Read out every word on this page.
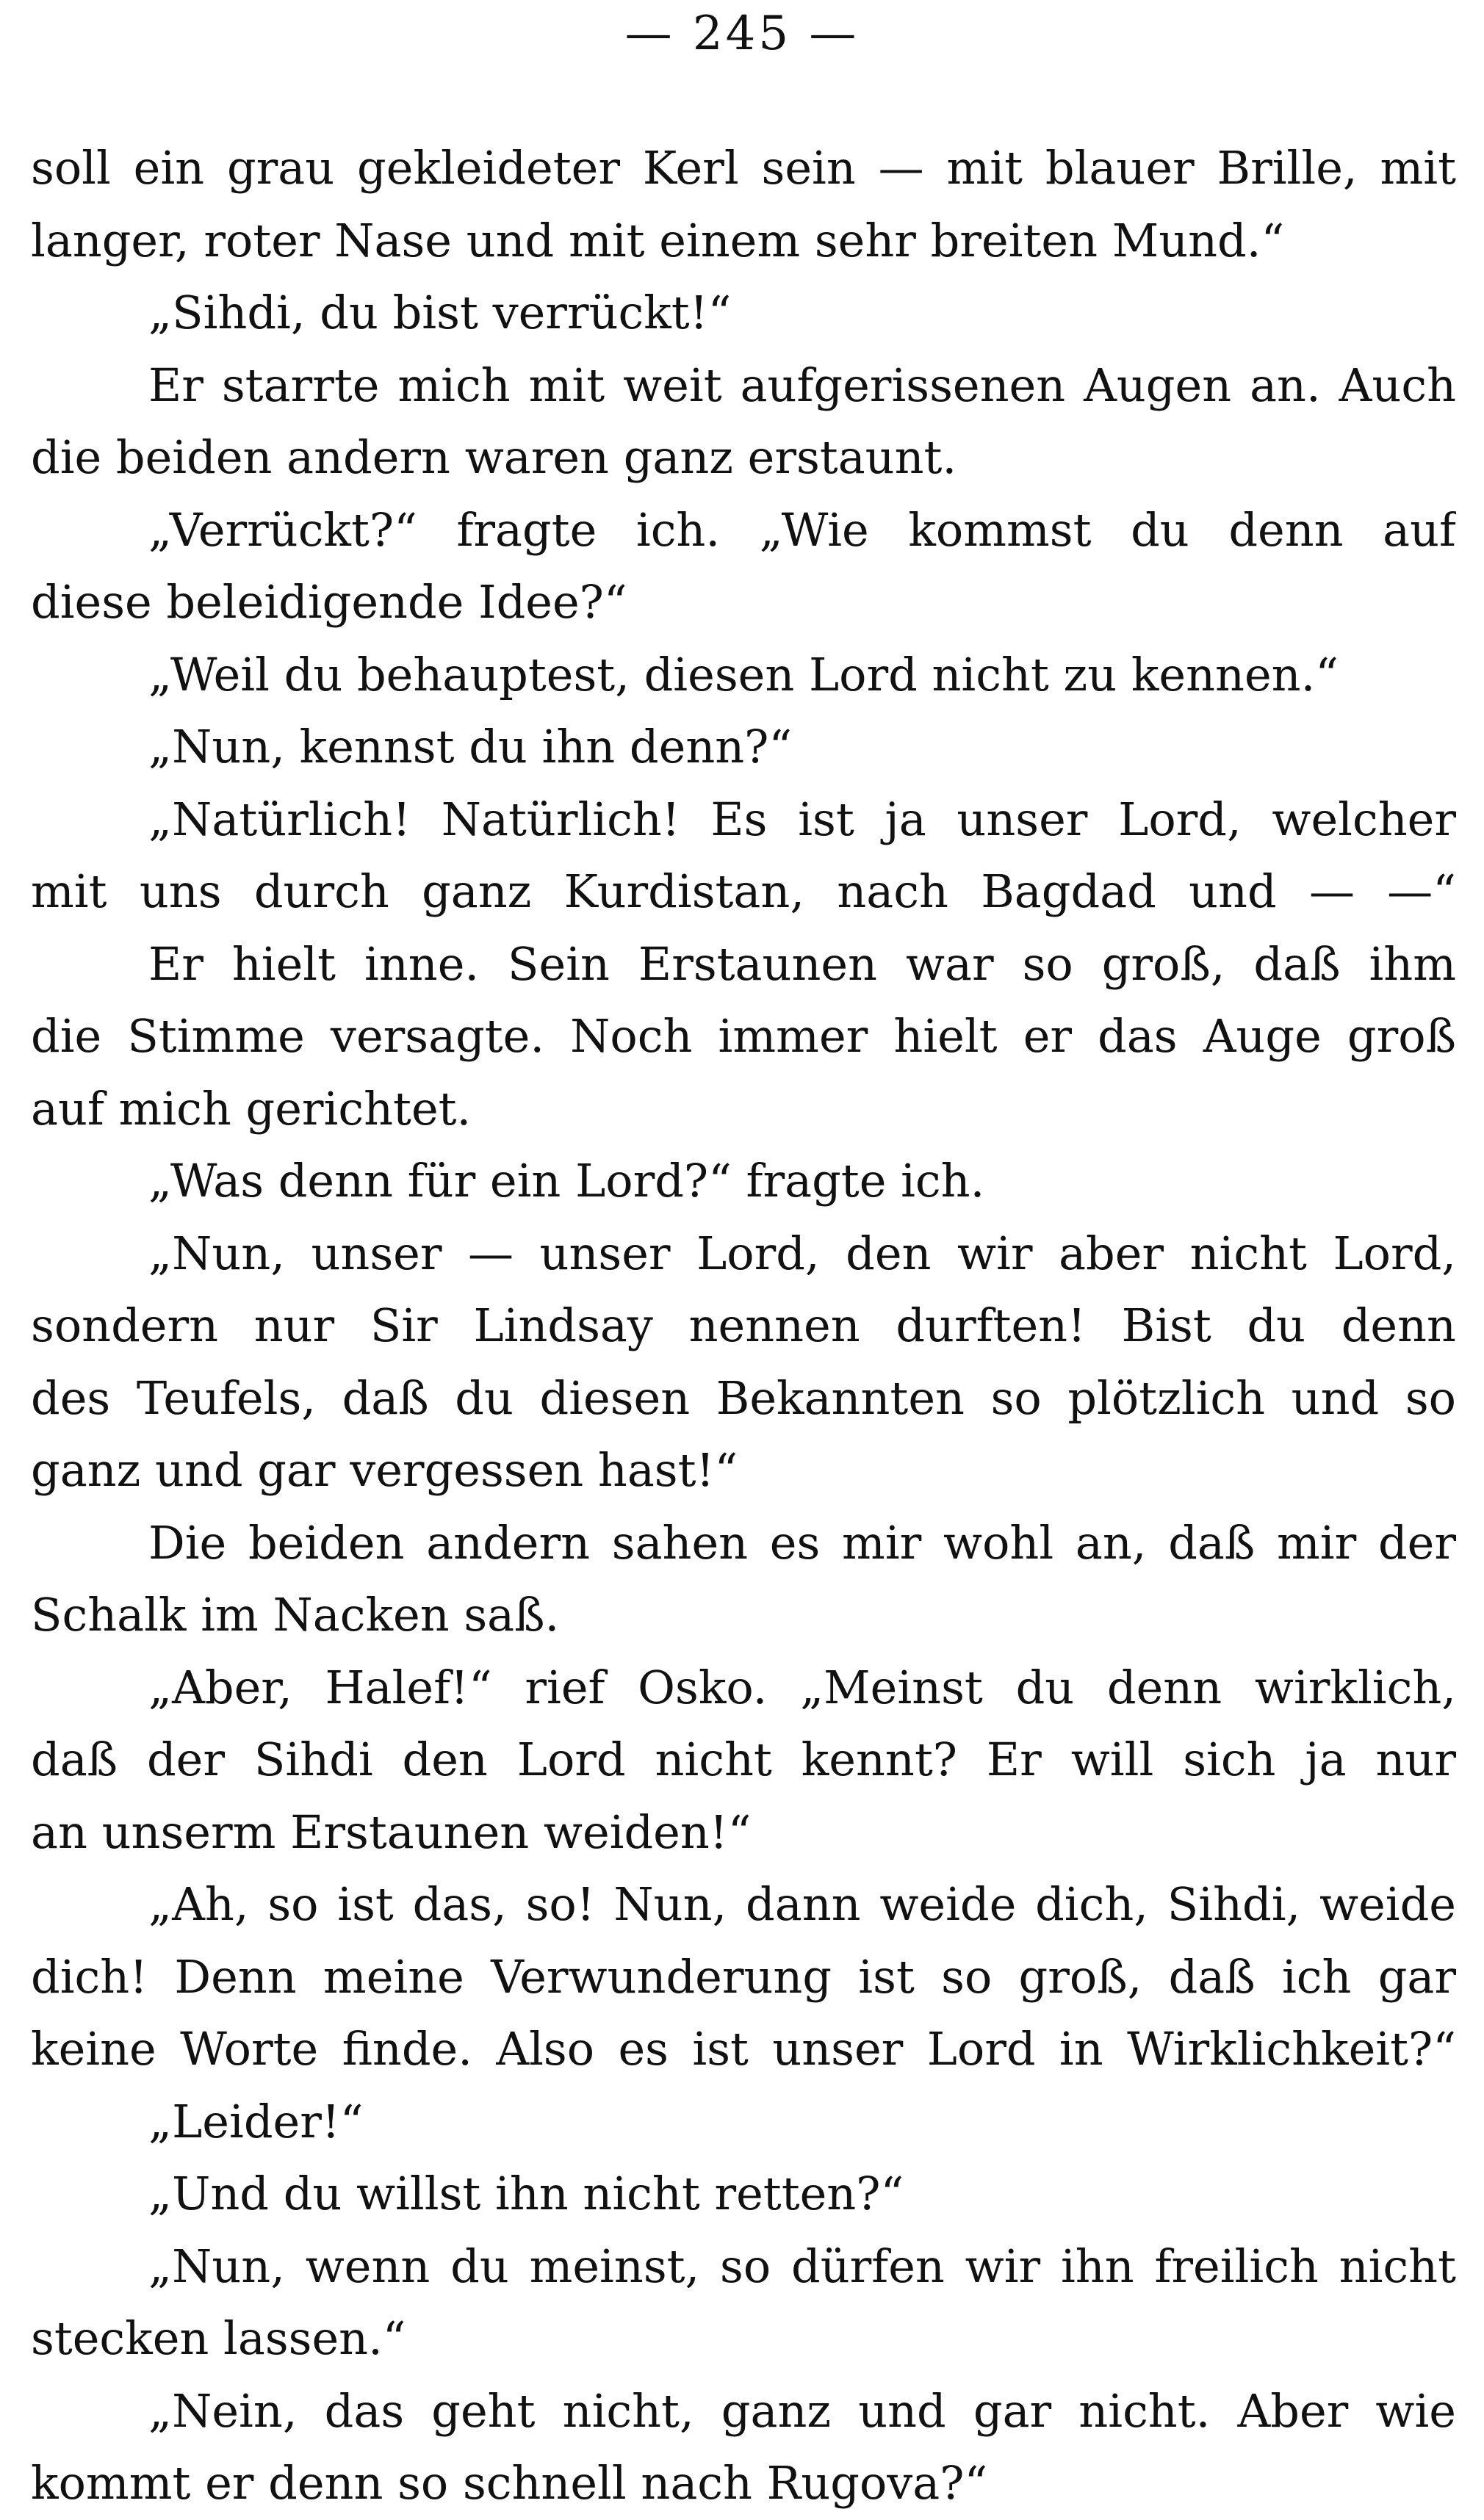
— 245 —
soll ein grau gekleideter Kerl sein — mit blauer Brille, mit
langer, roter Nase und mit einem sehr breiten Mund.“
„Sihdi, du bist verrückt!“
Er starrte mich mit weit aufgerissenen Augen an. Auch
die beiden andern waren ganz erstaunt.
„Verrückt?“ fragte ich. „Wie kommst du denn auf
diese beleidigende Idee?“
„Weil du behauptest, diesen Lord nicht zu kennen.“
„Nun, kennst du ihn denn?“
„Natürlich! Natürlich! Es ist ja unser Lord, welcher
mit uns durch ganz Kurdistan, nach Bagdad und — —“
Er hielt inne. Sein Erstaunen war so groß, daß ihm
die Stimme versagte. Noch immer hielt er das Auge groß
auf mich gerichtet.
„Was denn für ein Lord?“ fragte ich.
„Nun, unser — unser Lord, den wir aber nicht Lord,
sondern nur Sir Lindsay nennen durften! Bist du denn
des Teufels, daß du diesen Bekannten so plötzlich und so
ganz und gar vergessen hast!“
Die beiden andern sahen es mir wohl an, daß mir der
Schalk im Nacken saß.
„Aber, Halef!“ rief Osko. „Meinst du denn wirklich,
daß der Sihdi den Lord nicht kennt? Er will sich ja nur
an unserm Erstaunen weiden!“
„Ah, so ist das, so! Nun, dann weide dich, Sihdi, weide
dich! Denn meine Verwunderung ist so groß, daß ich gar
keine Worte finde. Also es ist unser Lord in Wirklichkeit?“
„Leider!“
„Und du willst ihn nicht retten?“
„Nun, wenn du meinst, so dürfen wir ihn freilich nicht
stecken lassen.“
„Nein, das geht nicht, ganz und gar nicht. Aber wie
kommt er denn so schnell nach Rugova?“
